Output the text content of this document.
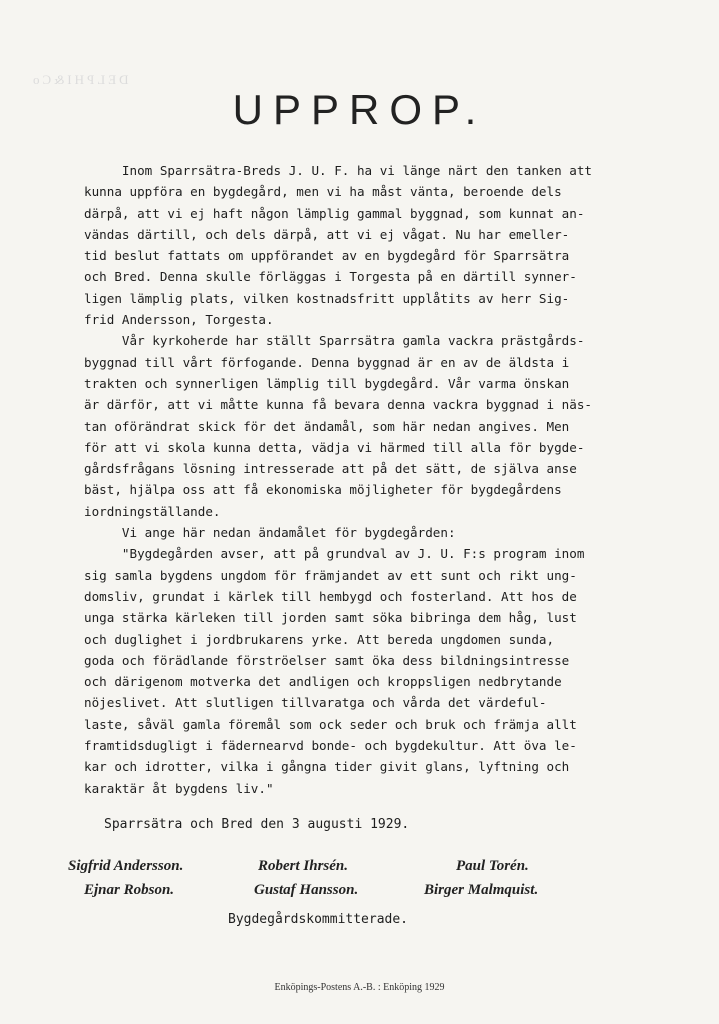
DELPHI&Co
UPPROP.
Inom Sparrsätra-Breds J. U. F. ha vi länge närt den tanken att
kunna uppföra en bygdegård, men vi ha måst vänta, beroende dels
därpå, att vi ej haft någon lämplig gammal byggnad, som kunnat an-
vändas därtill, och dels därpå, att vi ej vågat. Nu har emeller-
tid beslut fattats om uppförandet av en bygdegård för Sparrsätra
och Bred. Denna skulle förläggas i Torgesta på en därtill synner-
ligen lämplig plats, vilken kostnadsfritt upplåtits av herr Sig-
frid Andersson, Torgesta.
Vår kyrkoherde har ställt Sparrsätra gamla vackra prästgårds-
byggnad till vårt förfogande. Denna byggnad är en av de äldsta i
trakten och synnerligen lämplig till bygdegård. Vår varma önskan
är därför, att vi måtte kunna få bevara denna vackra byggnad i näs-
tan oförändrat skick för det ändamål, som här nedan angives. Men
för att vi skola kunna detta, vädja vi härmed till alla för bygde-
gårdsfrågans lösning intresserade att på det sätt, de själva anse
bäst, hjälpa oss att få ekonomiska möjligheter för bygdegårdens
iordningställande.
Vi ange här nedan ändamålet för bygdegården:
"Bygdegården avser, att på grundval av J. U. F:s program inom
sig samla bygdens ungdom för främjandet av ett sunt och rikt ung-
domsliv, grundat i kärlek till hembygd och fosterland. Att hos de
unga stärka kärleken till jorden samt söka bibringa dem håg, lust
och duglighet i jordbrukarens yrke. Att bereda ungdomen sunda,
goda och förädlande förströelser samt öka dess bildningsintresse
och därigenom motverka det andligen och kroppsligen nedbrytande
nöjeslivet. Att slutligen tillvaratga och vårda det värdeful-
laste, såväl gamla föremål som ock seder och bruk och främja allt
framtidsdugligt i fädernearvd bonde- och bygdekultur. Att öva le-
kar och idrotter, vilka i gångna tider givit glans, lyftning och
karaktär åt bygdens liv."
Sparrsätra och Bred den 3 augusti 1929.
Sigfrid Andersson.	Robert Ihrsén.	Paul Torén.
Ejnar Robson.	Gustaf Hansson.	Birger Malmquist.
Bygdegårdskommitterade.
Enköpings-Postens A.-B. : Enköping 1929
